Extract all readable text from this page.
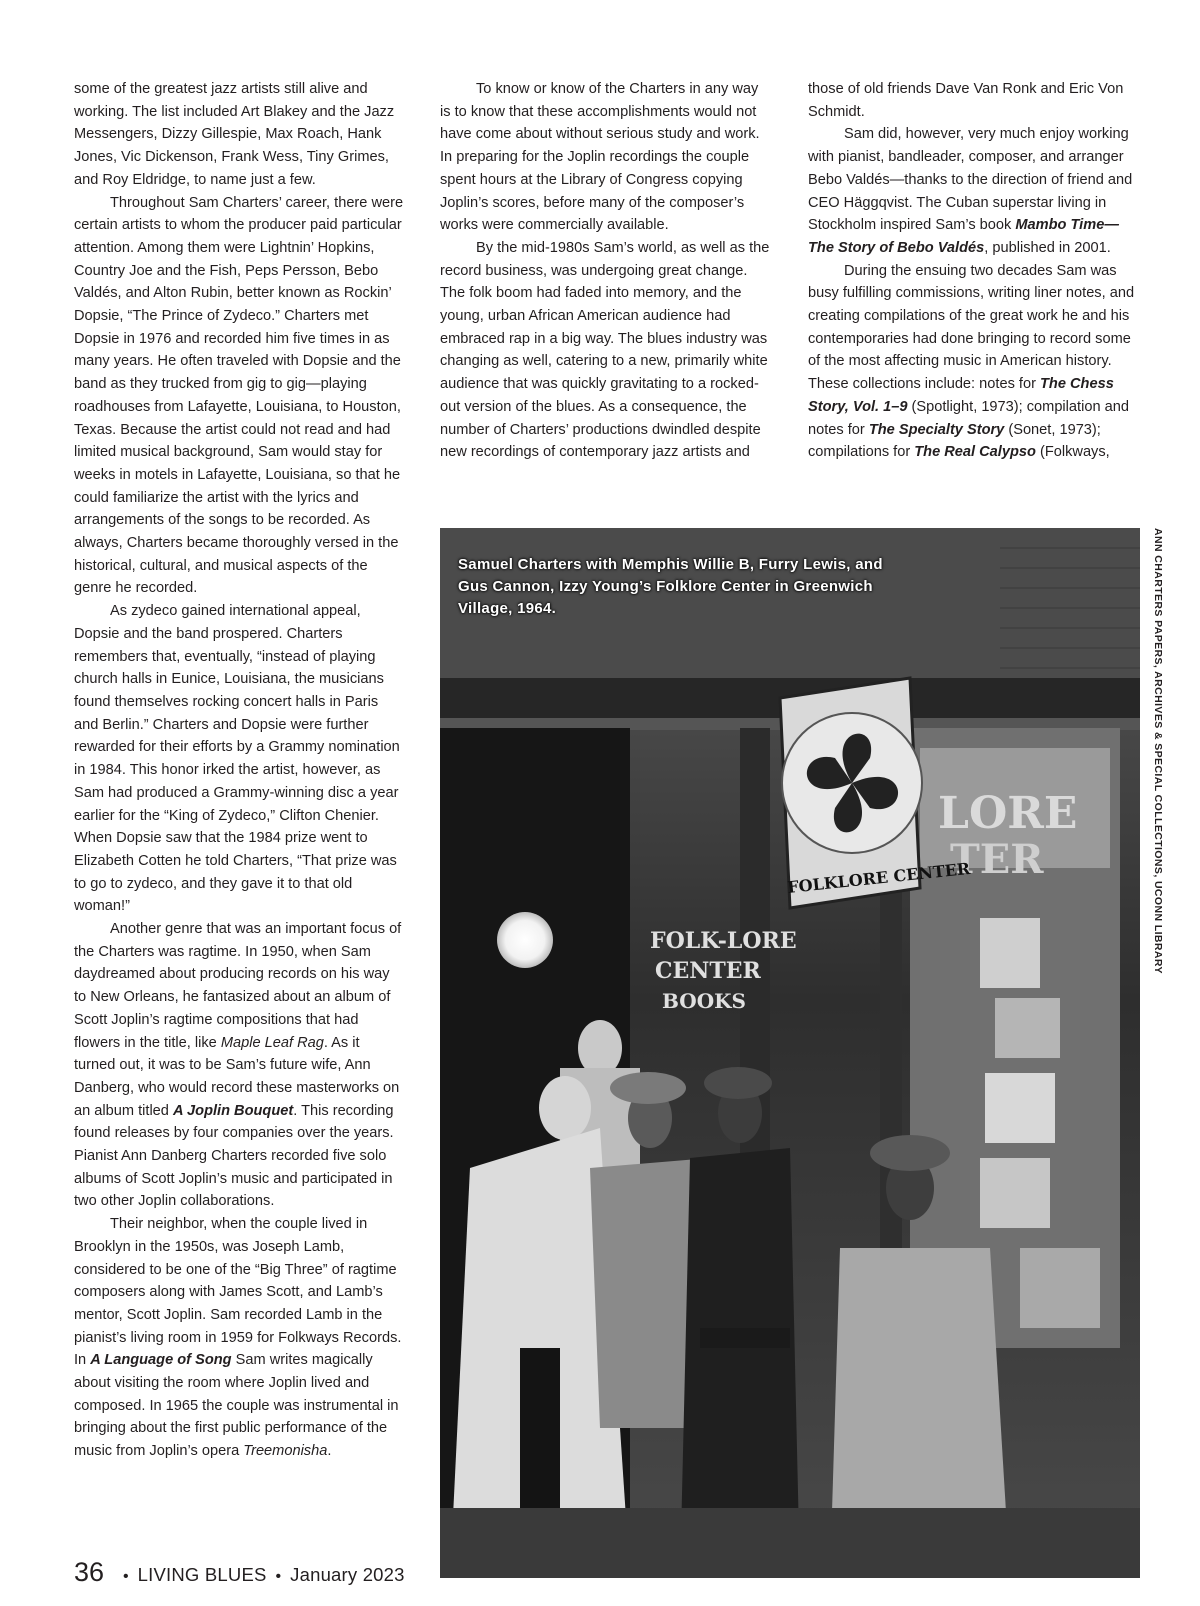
some of the greatest jazz artists still alive and working. The list included Art Blakey and the Jazz Messengers, Dizzy Gillespie, Max Roach, Hank Jones, Vic Dickenson, Frank Wess, Tiny Grimes, and Roy Eldridge, to name just a few.

Throughout Sam Charters’ career, there were certain artists to whom the producer paid particular attention. Among them were Lightnin’ Hopkins, Country Joe and the Fish, Peps Persson, Bebo Valdés, and Alton Rubin, better known as Rockin’ Dopsie, “The Prince of Zydeco.” Charters met Dopsie in 1976 and recorded him five times in as many years. He often traveled with Dopsie and the band as they trucked from gig to gig—playing roadhouses from Lafayette, Louisiana, to Houston, Texas. Because the artist could not read and had limited musical background, Sam would stay for weeks in motels in Lafayette, Louisiana, so that he could familiarize the artist with the lyrics and arrangements of the songs to be recorded. As always, Charters became thoroughly versed in the historical, cultural, and musical aspects of the genre he recorded.

As zydeco gained international appeal, Dopsie and the band prospered. Charters remembers that, eventually, “instead of playing church halls in Eunice, Louisiana, the musicians found themselves rocking concert halls in Paris and Berlin.” Charters and Dopsie were further rewarded for their efforts by a Grammy nomination in 1984. This honor irked the artist, however, as Sam had produced a Grammy-winning disc a year earlier for the “King of Zydeco,” Clifton Chenier. When Dopsie saw that the 1984 prize went to Elizabeth Cotten he told Charters, “That prize was to go to zydeco, and they gave it to that old woman!”

Another genre that was an important focus of the Charters was ragtime. In 1950, when Sam daydreamed about producing records on his way to New Orleans, he fantasized about an album of Scott Joplin’s ragtime compositions that had flowers in the title, like Maple Leaf Rag. As it turned out, it was to be Sam’s future wife, Ann Danberg, who would record these masterworks on an album titled A Joplin Bouquet. This recording found releases by four companies over the years. Pianist Ann Danberg Charters recorded five solo albums of Scott Joplin’s music and participated in two other Joplin collaborations.

Their neighbor, when the couple lived in Brooklyn in the 1950s, was Joseph Lamb, considered to be one of the “Big Three” of ragtime composers along with James Scott, and Lamb’s mentor, Scott Joplin. Sam recorded Lamb in the pianist’s living room in 1959 for Folkways Records. In A Language of Song Sam writes magically about visiting the room where Joplin lived and composed. In 1965 the couple was instrumental in bringing about the first public performance of the music from Joplin’s opera Treemonisha.

To know or know of the Charters in any way is to know that these accomplishments would not have come about without serious study and work. In preparing for the Joplin recordings the couple spent hours at the Library of Congress copying Joplin’s scores, before many of the composer’s works were commercially available.

By the mid-1980s Sam’s world, as well as the record business, was undergoing great change. The folk boom had faded into memory, and the young, urban African American audience had embraced rap in a big way. The blues industry was changing as well, catering to a new, primarily white audience that was quickly gravitating to a rocked-out version of the blues. As a consequence, the number of Charters’ productions dwindled despite new recordings of contemporary jazz artists and

those of old friends Dave Van Ronk and Eric Von Schmidt.

Sam did, however, very much enjoy working with pianist, bandleader, composer, and arranger Bebo Valdés—thanks to the direction of friend and CEO Häggqvist. The Cuban superstar living in Stockholm inspired Sam’s book Mambo Time—The Story of Bebo Valdés, published in 2001.

During the ensuing two decades Sam was busy fulfilling commissions, writing liner notes, and creating compilations of the great work he and his contemporaries had done bringing to record some of the most affecting music in American history. These collections include: notes for The Chess Story, Vol. 1–9 (Spotlight, 1973); compilation and notes for The Specialty Story (Sonet, 1973); compilations for The Real Calypso (Folkways,

LORE
TER
FOLKLORE CENTER
FOLK-LORE
CENTER
BOOKS
Samuel Charters with Memphis Willie B, Furry Lewis, and Gus Cannon, Izzy Young’s Folklore Center in Greenwich Village, 1964.	ANN CHARTERS PAPERS, ARCHIVES & SPECIAL COLLECTIONS, UCONN LIBRARY
36 • LIVING BLUES • January 2023
